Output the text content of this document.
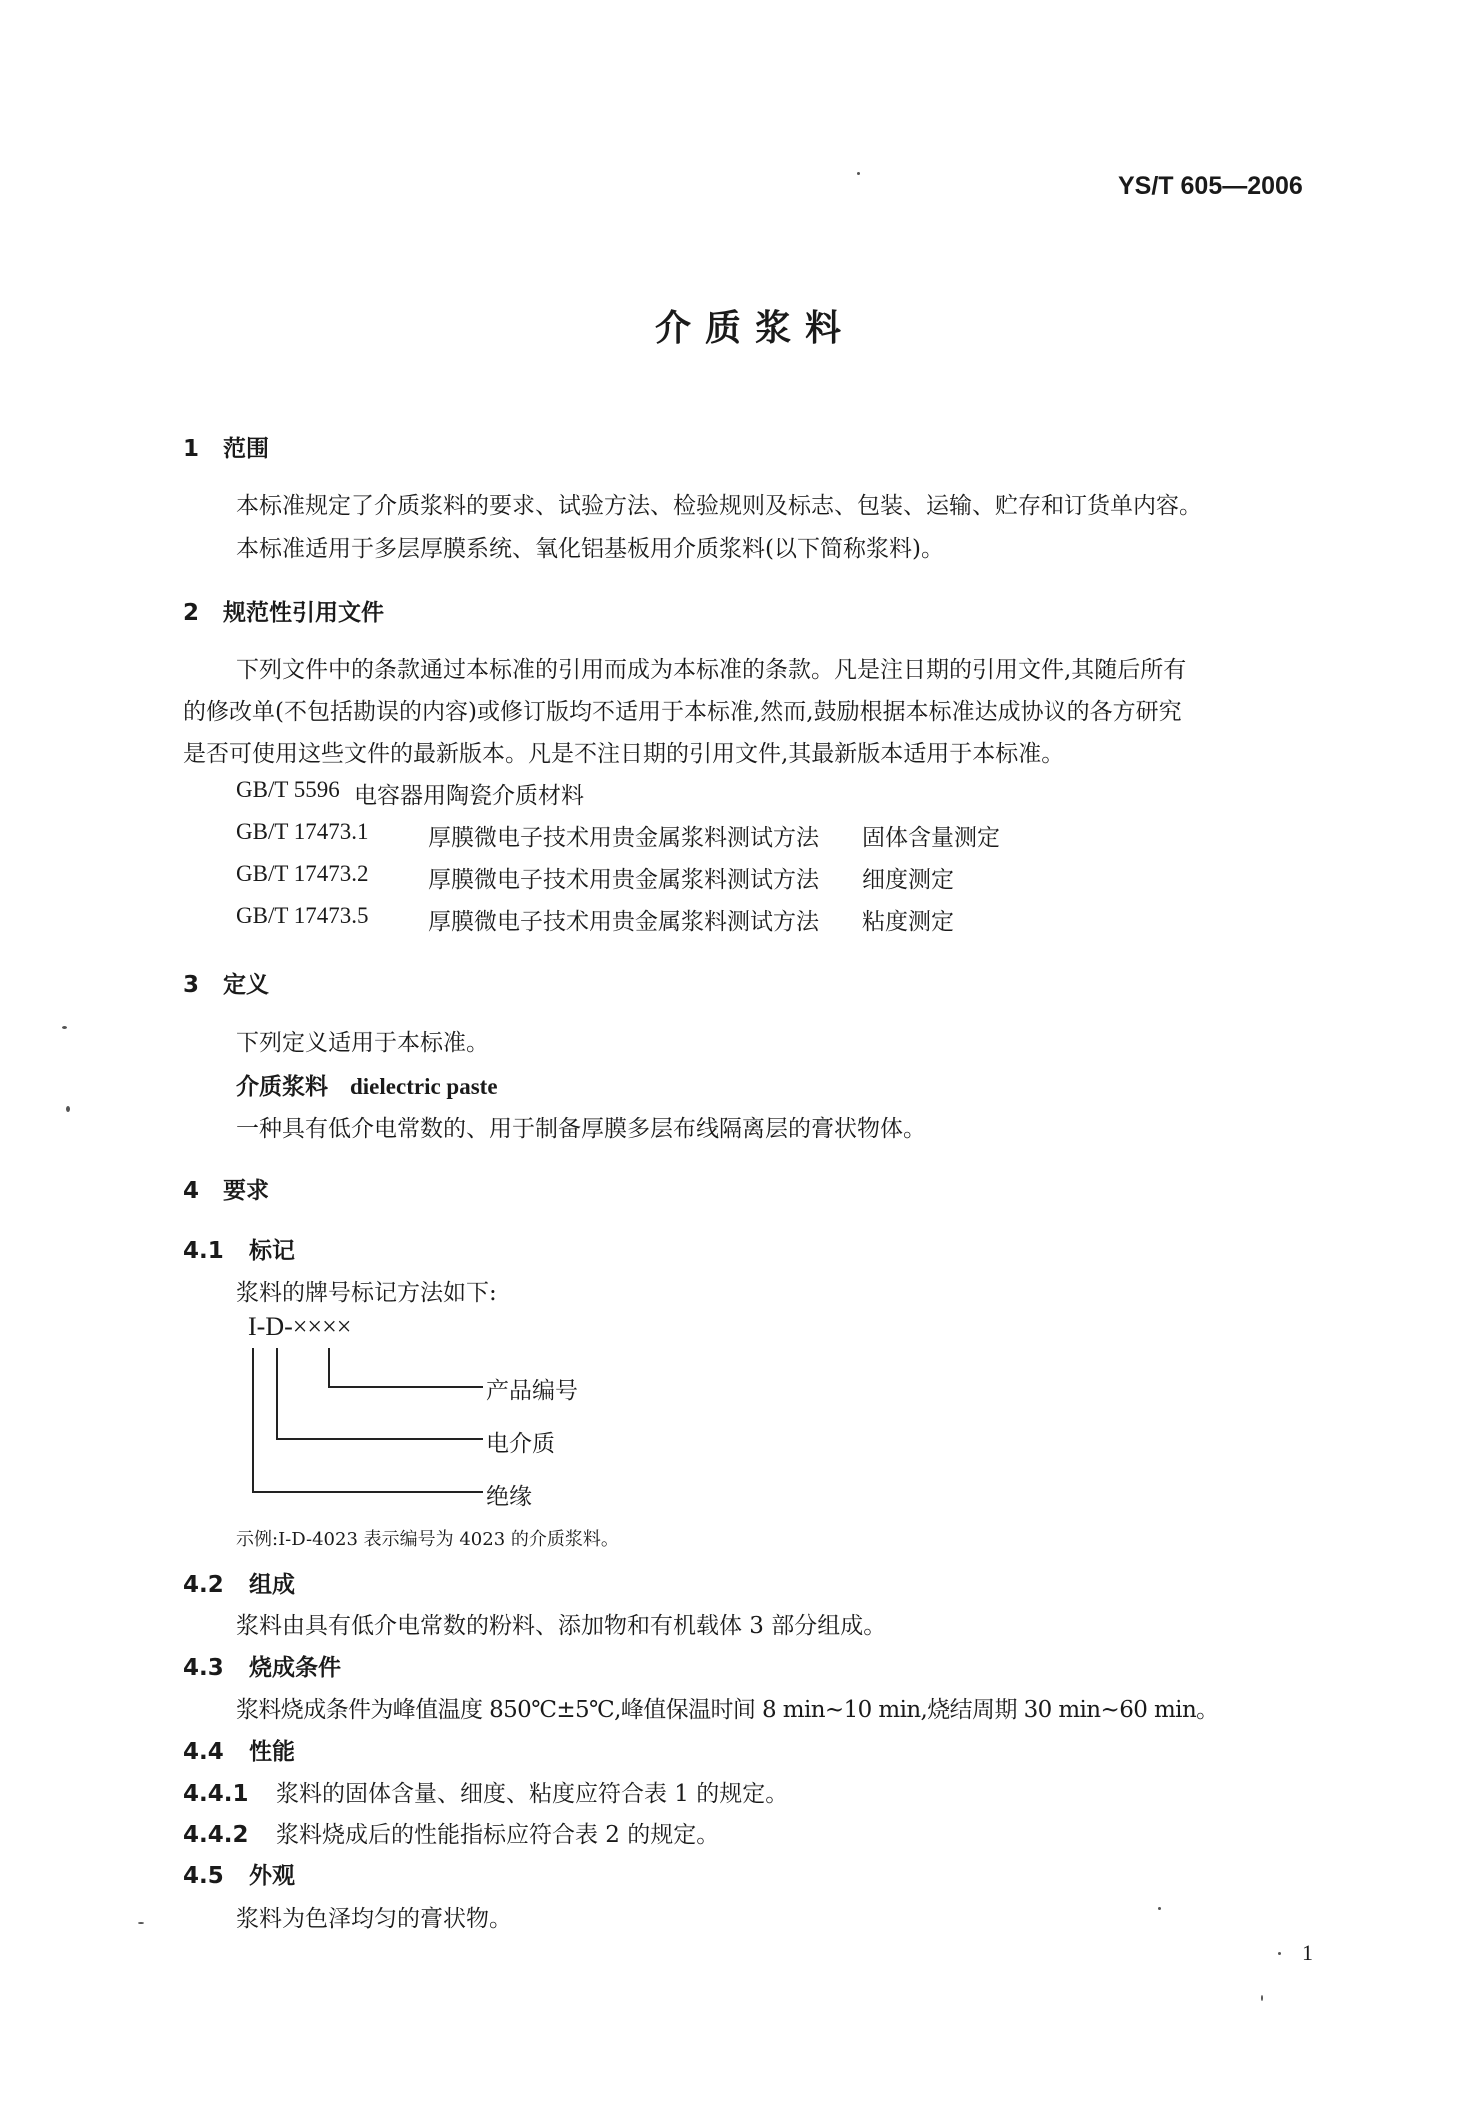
YS/T 605—2006
介质浆料
1 范围
本标准规定了介质浆料的要求、试验方法、检验规则及标志、包装、运输、贮存和订货单内容。
本标准适用于多层厚膜系统、氧化铝基板用介质浆料(以下简称浆料)。
2 规范性引用文件
下列文件中的条款通过本标准的引用而成为本标准的条款。凡是注日期的引用文件,其随后所有
的修改单(不包括勘误的内容)或修订版均不适用于本标准,然而,鼓励根据本标准达成协议的各方研究
是否可使用这些文件的最新版本。凡是不注日期的引用文件,其最新版本适用于本标准。
GB/T 5596 电容器用陶瓷介质材料
GB/T 17473.1	厚膜微电子技术用贵金属浆料测试方法 固体含量测定
GB/T 17473.2	厚膜微电子技术用贵金属浆料测试方法 细度测定
GB/T 17473.5	厚膜微电子技术用贵金属浆料测试方法 粘度测定
3 定义
下列定义适用于本标准。
介质浆料 dielectric paste
一种具有低介电常数的、用于制备厚膜多层布线隔离层的膏状物体。
4 要求
4.1 标记
浆料的牌号标记方法如下:
I-D-××××
产品编号
电介质
绝缘
示例:I-D-4023 表示编号为 4023 的介质浆料。
4.2 组成
浆料由具有低介电常数的粉料、添加物和有机载体 3 部分组成。
4.3 烧成条件
浆料烧成条件为峰值温度 850℃±5℃,峰值保温时间 8 min~10 min,烧结周期 30 min~60 min。
4.4 性能
4.4.1 浆料的固体含量、细度、粘度应符合表 1 的规定。
4.4.2 浆料烧成后的性能指标应符合表 2 的规定。
4.5 外观
浆料为色泽均匀的膏状物。
1
